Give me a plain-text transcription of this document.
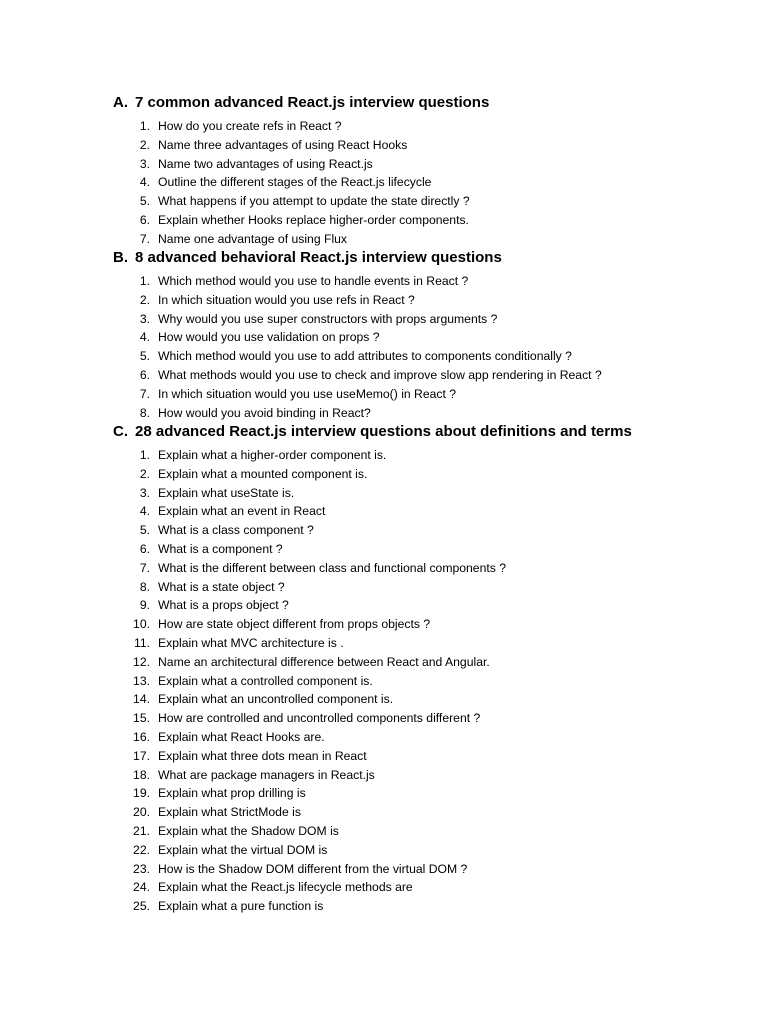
A. 7 common advanced React.js interview questions
1. How do you create refs in React ?
2. Name three advantages of using React Hooks
3. Name two advantages of using React.js
4. Outline the different stages of the React.js lifecycle
5. What happens if you attempt to update the state directly ?
6. Explain whether Hooks replace higher-order components.
7. Name one advantage of using Flux
B. 8 advanced behavioral React.js interview questions
1. Which method would you use to handle events in React ?
2. In which situation would you use refs in React ?
3. Why would you use super constructors with props arguments ?
4. How would you use validation on props ?
5. Which method would you use to add attributes to components conditionally ?
6. What methods would you use to check and improve slow app rendering in React ?
7. In which situation would you use useMemo() in React ?
8. How would you avoid binding in React?
C. 28 advanced React.js interview questions about definitions and terms
1. Explain what a higher-order component is.
2. Explain what a mounted component is.
3. Explain what useState is.
4. Explain what an event in React
5. What is a class component ?
6. What is a component ?
7. What is the different between class and functional components ?
8. What is a state object ?
9. What is a props object ?
10. How are state object different from props objects ?
11. Explain what MVC architecture is .
12. Name an architectural difference between React and Angular.
13. Explain what a controlled component is.
14. Explain what an uncontrolled component is.
15. How are controlled and uncontrolled components different ?
16. Explain what React Hooks are.
17. Explain what three dots mean in React
18. What are package managers in React.js
19. Explain what prop drilling is
20. Explain what StrictMode is
21. Explain what the Shadow DOM is
22. Explain what the virtual DOM is
23. How is the Shadow DOM different from the virtual DOM ?
24. Explain what the React.js lifecycle methods are
25. Explain what a pure function is
